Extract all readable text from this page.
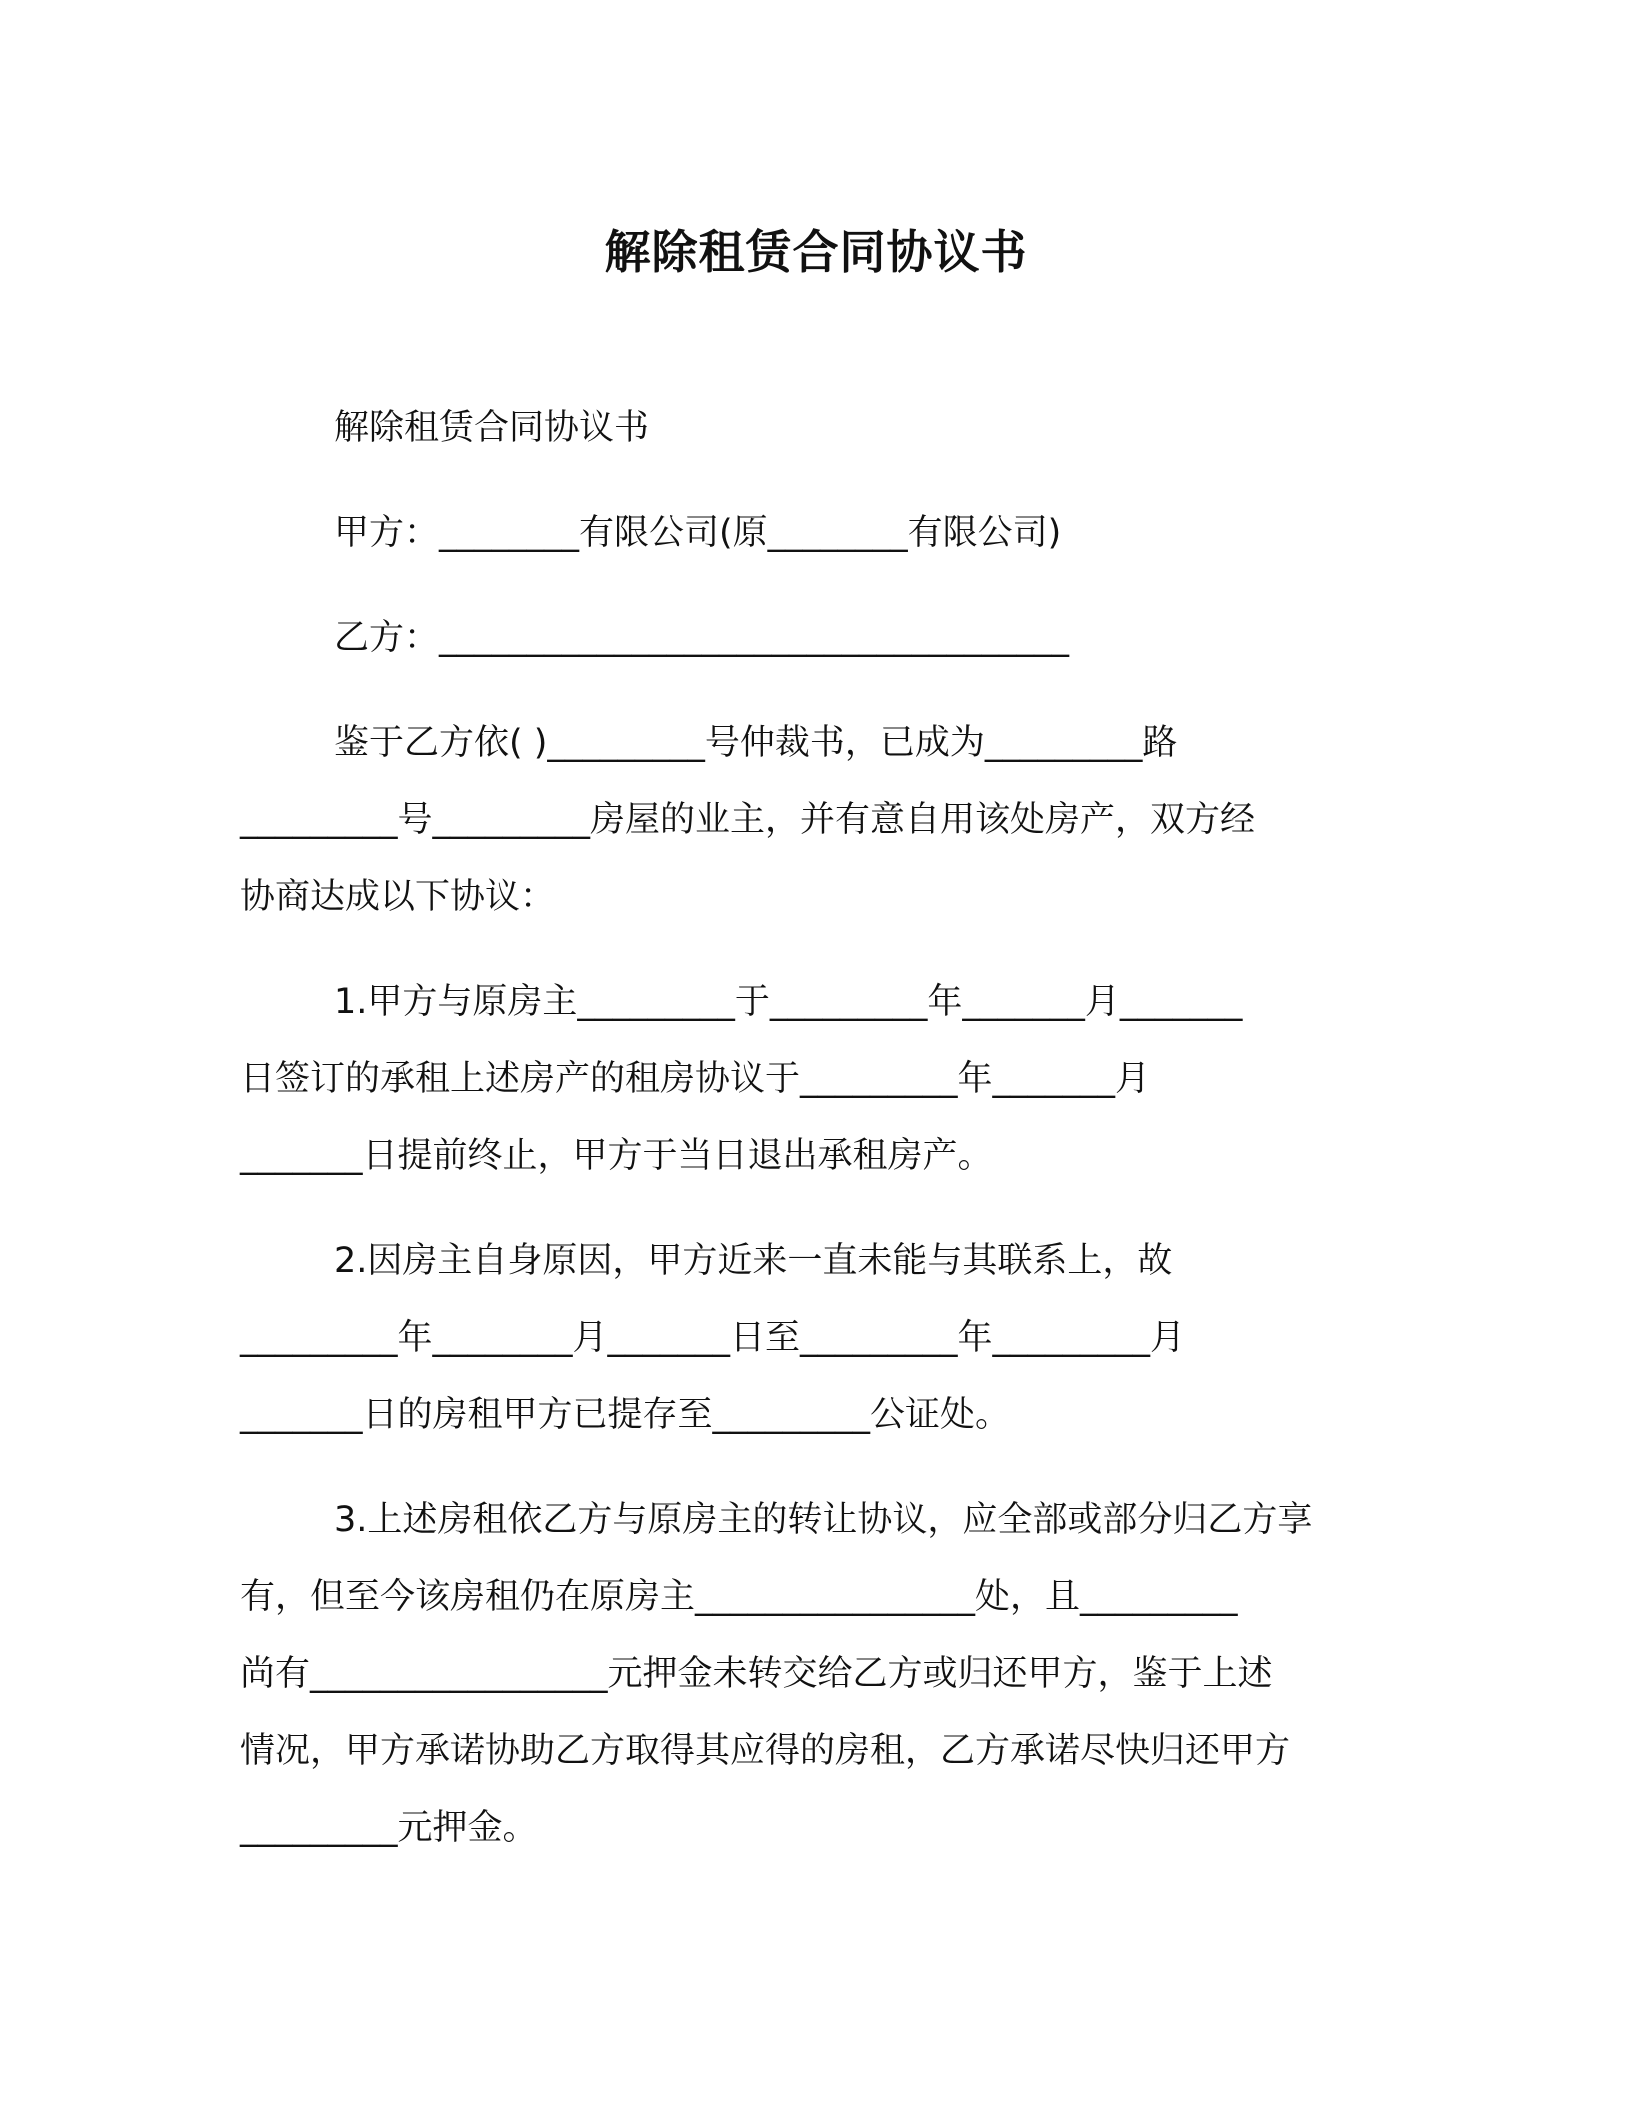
解除租赁合同协议书
解除租赁合同协议书
甲方：________有限公司(原________有限公司)
乙方：____________________________________
鉴于乙方依( )_________号仲裁书，已成为_________路
_________号_________房屋的业主，并有意自用该处房产，双方经
协商达成以下协议：
1.甲方与原房主_________于_________年_______月_______
日签订的承租上述房产的租房协议于_________年_______月
_______日提前终止，甲方于当日退出承租房产。
2.因房主自身原因，甲方近来一直未能与其联系上，故
_________年________月_______日至_________年_________月
_______日的房租甲方已提存至_________公证处。
3.上述房租依乙方与原房主的转让协议，应全部或部分归乙方享
有，但至今该房租仍在原房主________________处，且_________
尚有_________________元押金未转交给乙方或归还甲方，鉴于上述
情况，甲方承诺协助乙方取得其应得的房租，乙方承诺尽快归还甲方
_________元押金。
